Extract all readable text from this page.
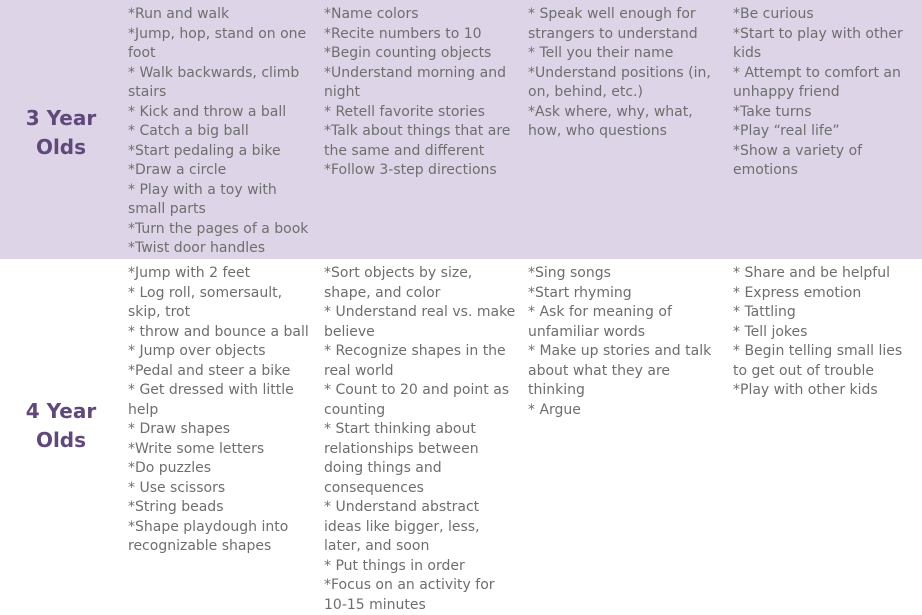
3 Year Olds
*Run and walk
*Jump, hop, stand on one foot
* Walk backwards, climb stairs
* Kick and throw a ball
* Catch a big ball
*Start pedaling a bike
*Draw a circle
* Play with a toy with small parts
*Turn the pages of a book
*Twist door handles
*Name colors
*Recite numbers to 10
*Begin counting objects
*Understand morning and night
* Retell favorite stories
*Talk about things that are the same and different
*Follow 3-step directions
* Speak well enough for strangers to understand
* Tell you their name
*Understand positions (in, on, behind, etc.)
*Ask where, why, what, how, who questions
*Be curious
*Start to play with other kids
* Attempt to comfort an unhappy friend
*Take turns
*Play “real life”
*Show a variety of emotions
4 Year Olds
*Jump with 2 feet
* Log roll, somersault, skip, trot
* throw and bounce a ball
* Jump over objects
*Pedal and steer a bike
* Get dressed with little help
* Draw shapes
*Write some letters
*Do puzzles
* Use scissors
*String beads
*Shape playdough into recognizable shapes
*Sort objects by size, shape, and color
* Understand real vs. make believe
* Recognize shapes in the real world
* Count to 20 and point as counting
* Start thinking about relationships between doing things and consequences
* Understand abstract ideas like bigger, less, later, and soon
* Put things in order
*Focus on an activity for 10-15 minutes
*Sing songs
*Start rhyming
* Ask for meaning of unfamiliar words
* Make up stories and talk about what they are thinking
* Argue
* Share and be helpful
* Express emotion
* Tattling
* Tell jokes
* Begin telling small lies to get out of trouble
*Play with other kids
